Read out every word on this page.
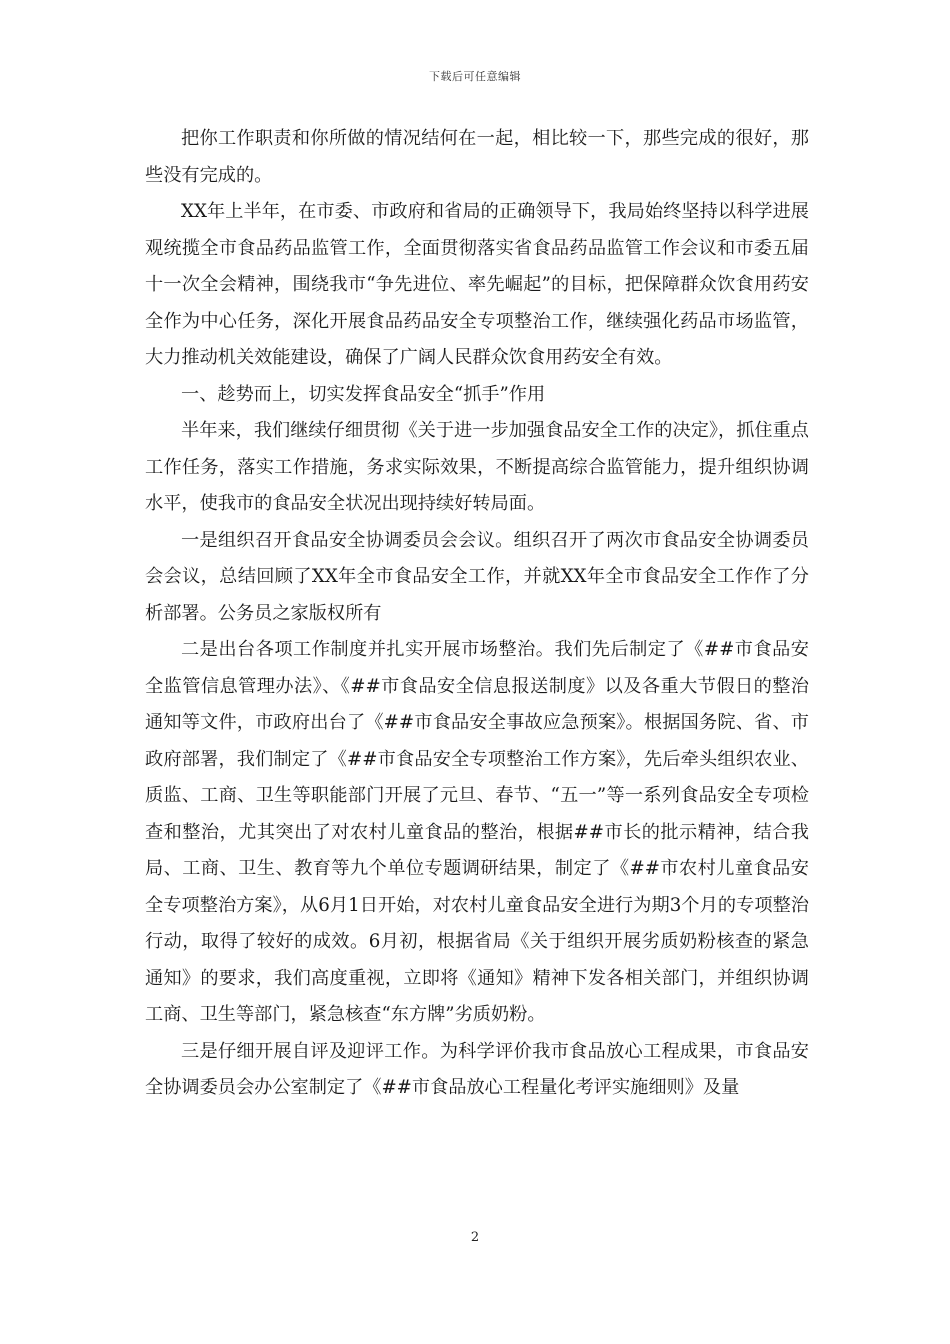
下载后可任意编辑

把你工作职责和你所做的情况结何在一起，相比较一下，那些完成的很好，那些没有完成的。

XX年上半年，在市委、市政府和省局的正确领导下，我局始终坚持以科学进展观统揽全市食品药品监管工作，全面贯彻落实省食品药品监管工作会议和市委五届十一次全会精神，围绕我市“争先进位、率先崛起”的目标，把保障群众饮食用药安全作为中心任务，深化开展食品药品安全专项整治工作，继续强化药品市场监管，大力推动机关效能建设，确保了广阔人民群众饮食用药安全有效。

一、趁势而上，切实发挥食品安全“抓手”作用

半年来，我们继续仔细贯彻《关于进一步加强食品安全工作的决定》，抓住重点工作任务，落实工作措施，务求实际效果，不断提高综合监管能力，提升组织协调水平，使我市的食品安全状况出现持续好转局面。

一是组织召开食品安全协调委员会会议。组织召开了两次市食品安全协调委员会会议，总结回顾了XX年全市食品安全工作，并就XX年全市食品安全工作作了分析部署。公务员之家版权所有

二是出台各项工作制度并扎实开展市场整治。我们先后制定了《##市食品安全监管信息管理办法》、《##市食品安全信息报送制度》以及各重大节假日的整治通知等文件，市政府出台了《##市食品安全事故应急预案》。根据国务院、省、市政府部署，我们制定了《##市食品安全专项整治工作方案》，先后牵头组织农业、质监、工商、卫生等职能部门开展了元旦、春节、“五一”等一系列食品安全专项检查和整治，尤其突出了对农村儿童食品的整治，根据##市长的批示精神，结合我局、工商、卫生、教育等九个单位专题调研结果，制定了《##市农村儿童食品安全专项整治方案》，从6月1日开始，对农村儿童食品安全进行为期3个月的专项整治行动，取得了较好的成效。6月初，根据省局《关于组织开展劣质奶粉核查的紧急通知》的要求，我们高度重视，立即将《通知》精神下发各相关部门，并组织协调工商、卫生等部门，紧急核查“东方牌”劣质奶粉。

三是仔细开展自评及迎评工作。为科学评价我市食品放心工程成果，市食品安全协调委员会办公室制定了《##市食品放心工程量化考评实施细则》及量

2
